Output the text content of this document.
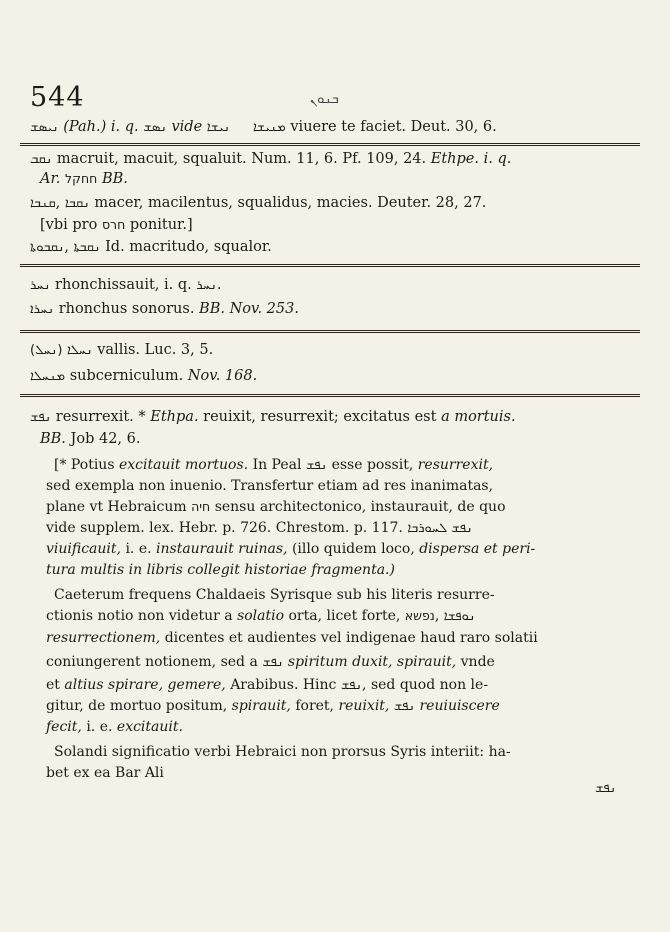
544	ܒܢܘܢ
ܢܝܣܫ (Pah.) i. q. ܢܣܫ vide ܢܝܫܐ ܡܢܝܫܐ viuere te faciet. Deut. 30, 6.
ܢܩܒ macruit, macuit, squaluit. Num. 11, 6. Pf. 109, 24. Ethpe. i. q.
Ar. חחקל BB.
ܩܢܒܐ, ܢܩܒܐ macer, macilentus, squalidus, macies. Deuter. 28, 27.
[vbi pro חרס ponitur.]
ܢܩܒܘܬܐ, ܢܩܒܬܐ Id. macritudo, squalor.
ܢܚܪ rhonchissauit, i. q. ܢܚܪ.
ܢܚܪܐ rhonchus sonorus. BB. Nov. 253.
(ܢܚܠ) ܢܚܠܐ vallis. Luc. 3, 5.
ܡܢܚܠܐ subcerniculum. Nov. 168.
ܢܦܫ resurrexit. * Ethpa. reuixit, resurrexit; excitatus est a mortuis.
BB. Job 42, 6.
[* Potius excitauit mortuos. In Peal ܢܦܫ esse possit, resurrexit,
sed exempla non inuenio. Transfertur etiam ad res inanimatas,
plane vt Hebraicum חיה sensu architectonico, instaurauit, de quo
vide supplem. lex. Hebr. p. 726. Chrestom. p. 117. ܢܦܫ ܠܚܘܪܒܐ
viuificauit, i. e. instaurauit ruinas, (illo quidem loco, dispersa et peri-
tura multis in libris collegit historiae fragmenta.)
Caeterum frequens Chaldaeis Syrisque sub his literis resurre-
ctionis notio non videtur a solatio orta, licet forte, נפשא, ܢܘܦܫܐ
resurrectionem, dicentes et audientes vel indigenae haud raro solatii
coniungerent notionem, sed a ܢܦܫ spiritum duxit, spirauit, vnde
et altius spirare, gemere, Arabibus. Hinc ܢܦܫ, sed quod non le-
gitur, de mortuo positum, spirauit, foret, reuixit, ܢܦܫ reuiuiscere
fecit, i. e. excitauit.
Solandi significatio verbi Hebraici non prorsus Syris interiit: ha-
bet ex ea Bar Ali
ܢܦܫ
